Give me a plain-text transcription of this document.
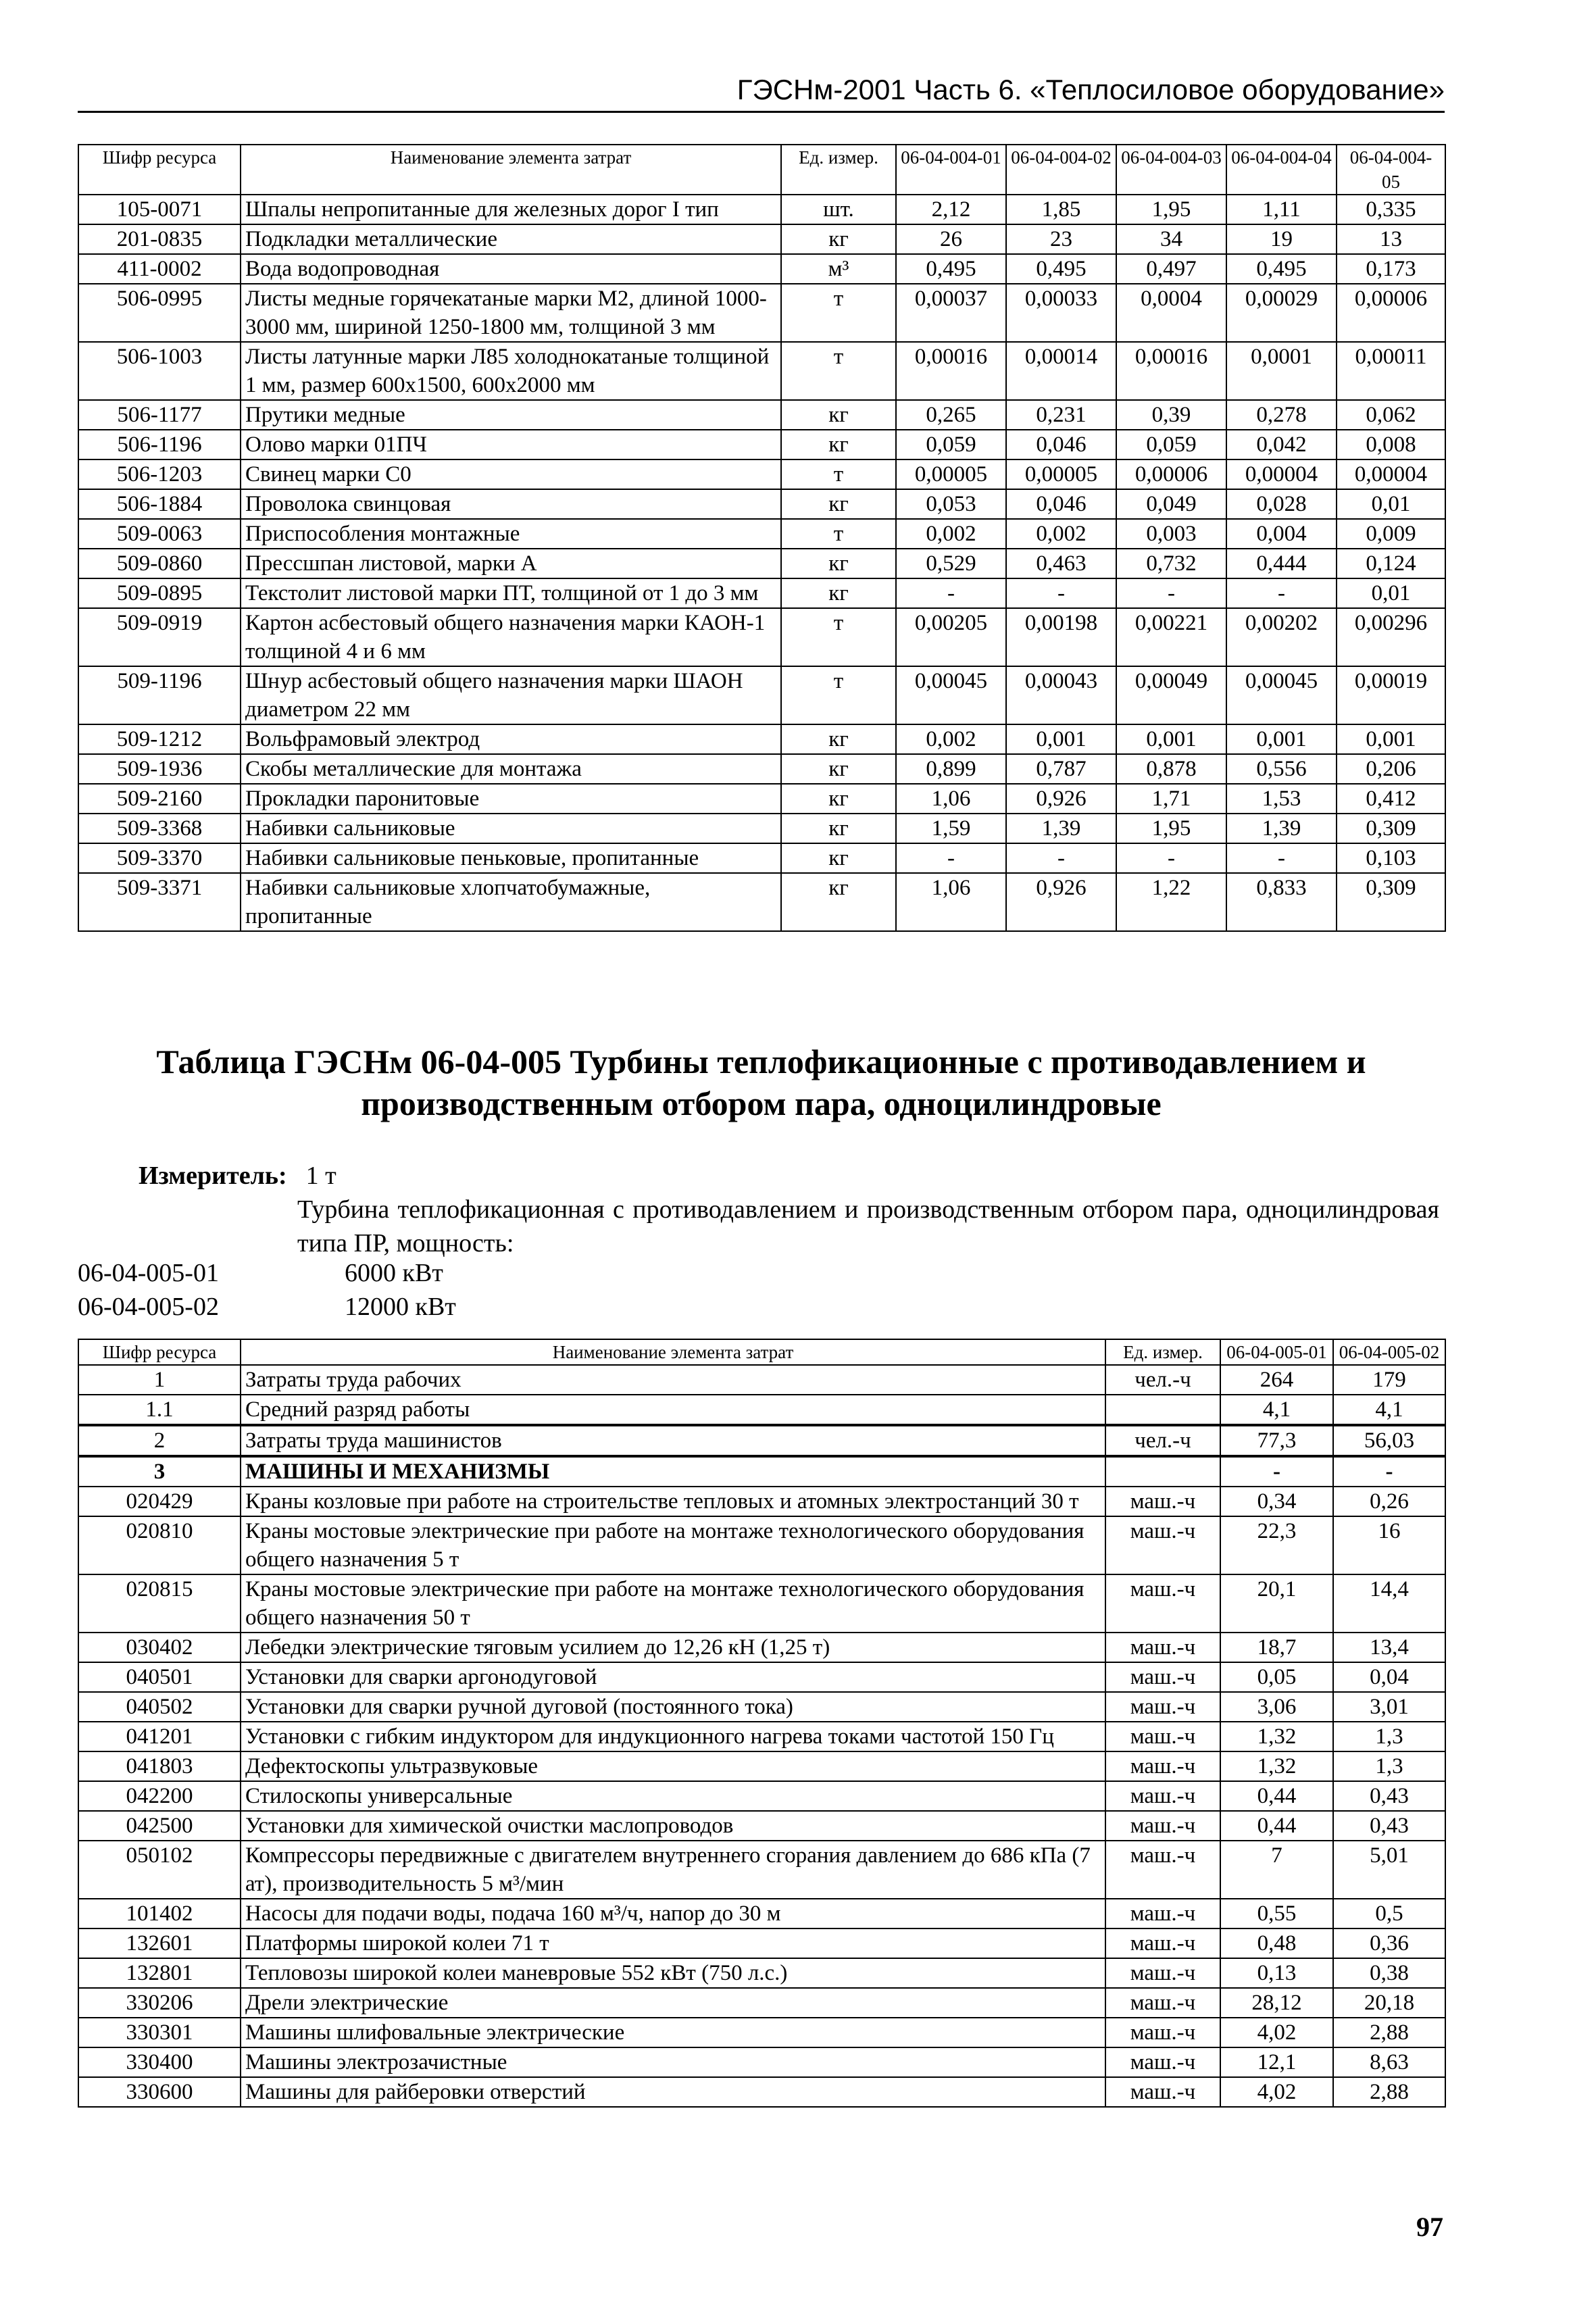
ГЭСНм-2001 Часть 6. «Теплосиловое оборудование»
Шифр ресурса	Наименование элемента затрат	Ед. измер.	06-04-004-01	06-04-004-02	06-04-004-03	06-04-004-04	06-04-004-05
105-0071	Шпалы непропитанные для железных дорог I тип	шт.	2,12	1,85	1,95	1,11	0,335
201-0835	Подкладки металлические	кг	26	23	34	19	13
411-0002	Вода водопроводная	м³	0,495	0,495	0,497	0,495	0,173
506-0995	Листы медные горячекатаные марки М2, длиной 1000-3000 мм, шириной 1250-1800 мм, толщиной 3 мм	т	0,00037	0,00033	0,0004	0,00029	0,00006
506-1003	Листы латунные марки Л85 холоднокатаные толщиной 1 мм, размер 600х1500, 600х2000 мм	т	0,00016	0,00014	0,00016	0,0001	0,00011
506-1177	Прутики медные	кг	0,265	0,231	0,39	0,278	0,062
506-1196	Олово марки 01ПЧ	кг	0,059	0,046	0,059	0,042	0,008
506-1203	Свинец марки С0	т	0,00005	0,00005	0,00006	0,00004	0,00004
506-1884	Проволока свинцовая	кг	0,053	0,046	0,049	0,028	0,01
509-0063	Приспособления монтажные	т	0,002	0,002	0,003	0,004	0,009
509-0860	Прессшпан листовой, марки А	кг	0,529	0,463	0,732	0,444	0,124
509-0895	Текстолит листовой марки ПТ, толщиной от 1 до 3 мм	кг	-	-	-	-	0,01
509-0919	Картон асбестовый общего назначения марки КАОН-1 толщиной 4 и 6 мм	т	0,00205	0,00198	0,00221	0,00202	0,00296
509-1196	Шнур асбестовый общего назначения марки ШАОН диаметром 22 мм	т	0,00045	0,00043	0,00049	0,00045	0,00019
509-1212	Вольфрамовый электрод	кг	0,002	0,001	0,001	0,001	0,001
509-1936	Скобы металлические для монтажа	кг	0,899	0,787	0,878	0,556	0,206
509-2160	Прокладки паронитовые	кг	1,06	0,926	1,71	1,53	0,412
509-3368	Набивки сальниковые	кг	1,59	1,39	1,95	1,39	0,309
509-3370	Набивки сальниковые пеньковые, пропитанные	кг	-	-	-	-	0,103
509-3371	Набивки сальниковые хлопчатобумажные, пропитанные	кг	1,06	0,926	1,22	0,833	0,309
Таблица ГЭСНм 06-04-005 Турбины теплофикационные с противодавлением и производственным отбором пара, одноцилиндровые
Измеритель: 1 т
Турбина теплофикационная с противодавлением и производственным отбором пара, одноцилиндровая типа ПР, мощность:
06-04-005-01	6000 кВт
06-04-005-02	12000 кВт
Шифр ресурса	Наименование элемента затрат	Ед. измер.	06-04-005-01	06-04-005-02
1	Затраты труда рабочих	чел.-ч	264	179
1.1	Средний разряд работы		4,1	4,1
2	Затраты труда машинистов	чел.-ч	77,3	56,03
3	МАШИНЫ И МЕХАНИЗМЫ		-	-
020429	Краны козловые при работе на строительстве тепловых и атомных электростанций 30 т	маш.-ч	0,34	0,26
020810	Краны мостовые электрические при работе на монтаже технологического оборудования общего назначения 5 т	маш.-ч	22,3	16
020815	Краны мостовые электрические при работе на монтаже технологического оборудования общего назначения 50 т	маш.-ч	20,1	14,4
030402	Лебедки электрические тяговым усилием до 12,26 кН (1,25 т)	маш.-ч	18,7	13,4
040501	Установки для сварки аргонодуговой	маш.-ч	0,05	0,04
040502	Установки для сварки ручной дуговой (постоянного тока)	маш.-ч	3,06	3,01
041201	Установки с гибким индуктором для индукционного нагрева токами частотой 150 Гц	маш.-ч	1,32	1,3
041803	Дефектоскопы ультразвуковые	маш.-ч	1,32	1,3
042200	Стилоскопы универсальные	маш.-ч	0,44	0,43
042500	Установки для химической очистки маслопроводов	маш.-ч	0,44	0,43
050102	Компрессоры передвижные с двигателем внутреннего сгорания давлением до 686 кПа (7 ат), производительность 5 м³/мин	маш.-ч	7	5,01
101402	Насосы для подачи воды, подача 160 м³/ч, напор до 30 м	маш.-ч	0,55	0,5
132601	Платформы широкой колеи 71 т	маш.-ч	0,48	0,36
132801	Тепловозы широкой колеи маневровые 552 кВт (750 л.с.)	маш.-ч	0,13	0,38
330206	Дрели электрические	маш.-ч	28,12	20,18
330301	Машины шлифовальные электрические	маш.-ч	4,02	2,88
330400	Машины электрозачистные	маш.-ч	12,1	8,63
330600	Машины для райберовки отверстий	маш.-ч	4,02	2,88
97
